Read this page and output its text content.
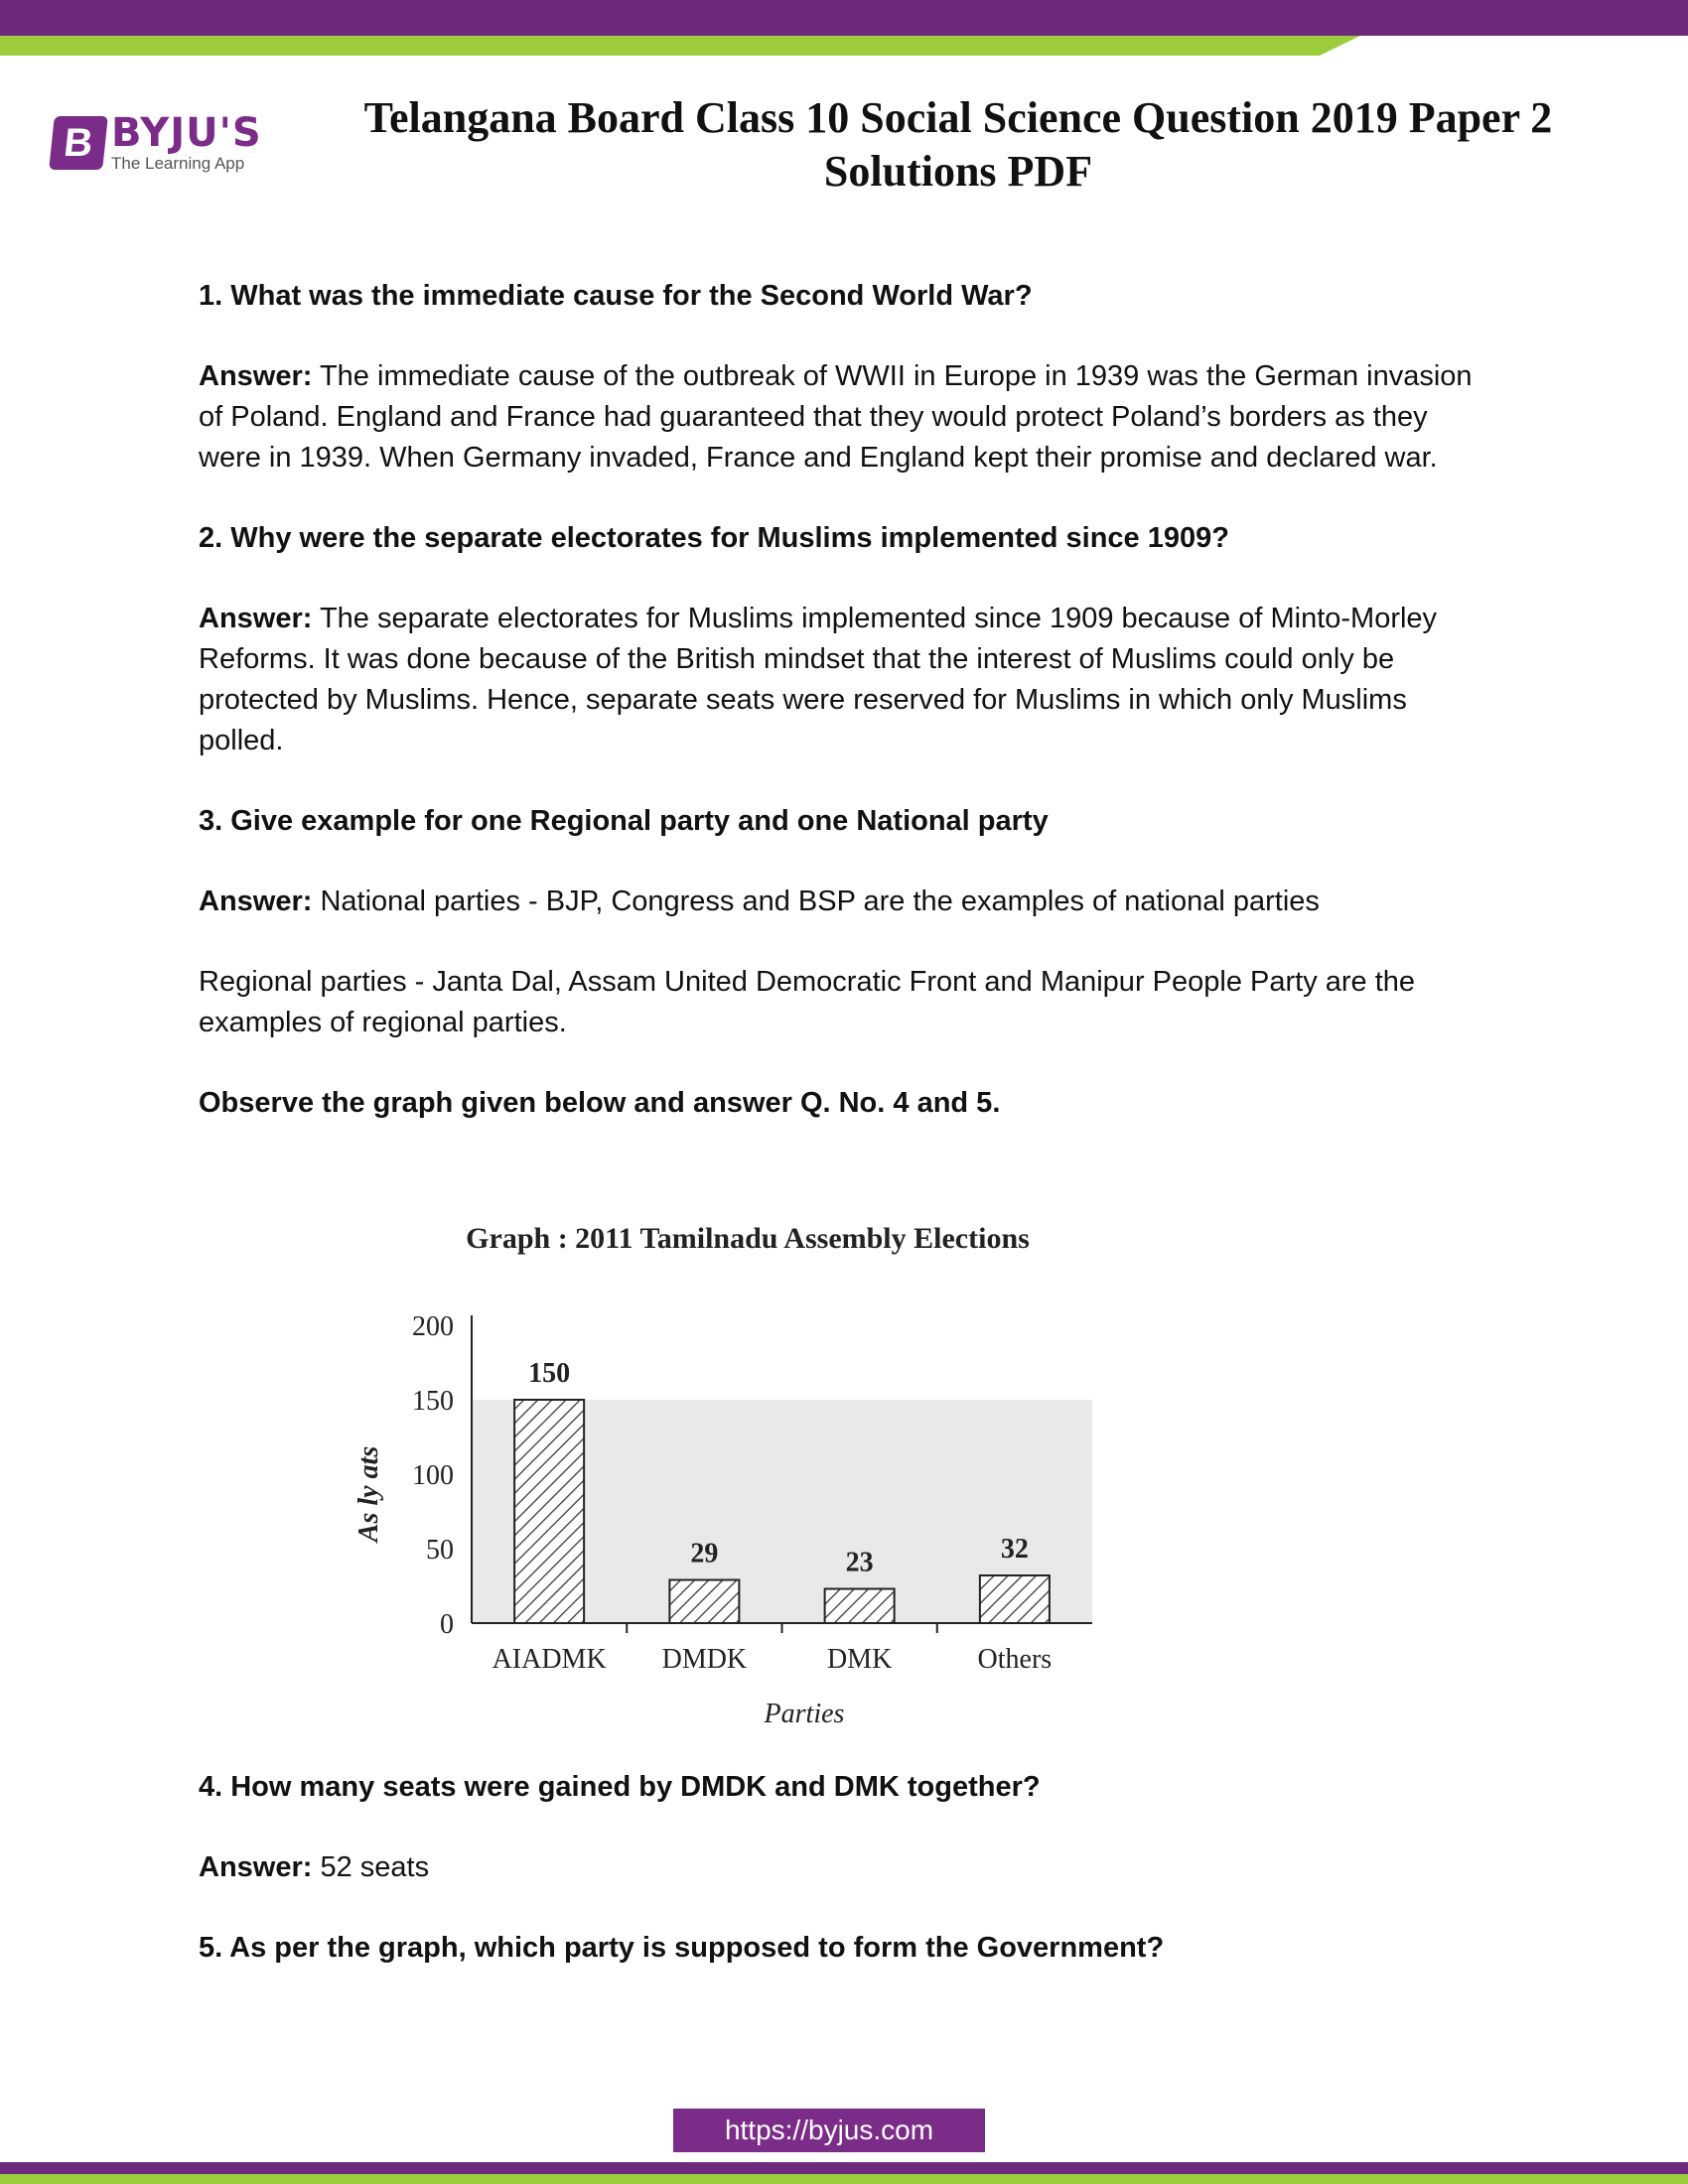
B BYJU'S
The Learning App
Telangana Board Class 10 Social Science Question 2019 Paper 2 Solutions PDF

1. What was the immediate cause for the Second World War?

Answer: The immediate cause of the outbreak of WWII in Europe in 1939 was the German invasion of Poland. England and France had guaranteed that they would protect Poland’s borders as they were in 1939. When Germany invaded, France and England kept their promise and declared war.

2. Why were the separate electorates for Muslims implemented since 1909?

Answer: The separate electorates for Muslims implemented since 1909 because of Minto-Morley Reforms. It was done because of the British mindset that the interest of Muslims could only be protected by Muslims. Hence, separate seats were reserved for Muslims in which only Muslims polled.

3. Give example for one Regional party and one National party

Answer: National parties - BJP, Congress and BSP are the examples of national parties

Regional parties - Janta Dal, Assam United Democratic Front and Manipur People Party are the examples of regional parties.

Observe the graph given below and answer Q. No. 4 and 5.

Graph : 2011 Tamilnadu Assembly Elections
As ly ats
Parties
0
50
100
150
200
150
AIADMK
29
DMDK
23
DMK
32
Others

4. How many seats were gained by DMDK and DMK together?

Answer: 52 seats

5. As per the graph, which party is supposed to form the Government?

https://byjus.com
